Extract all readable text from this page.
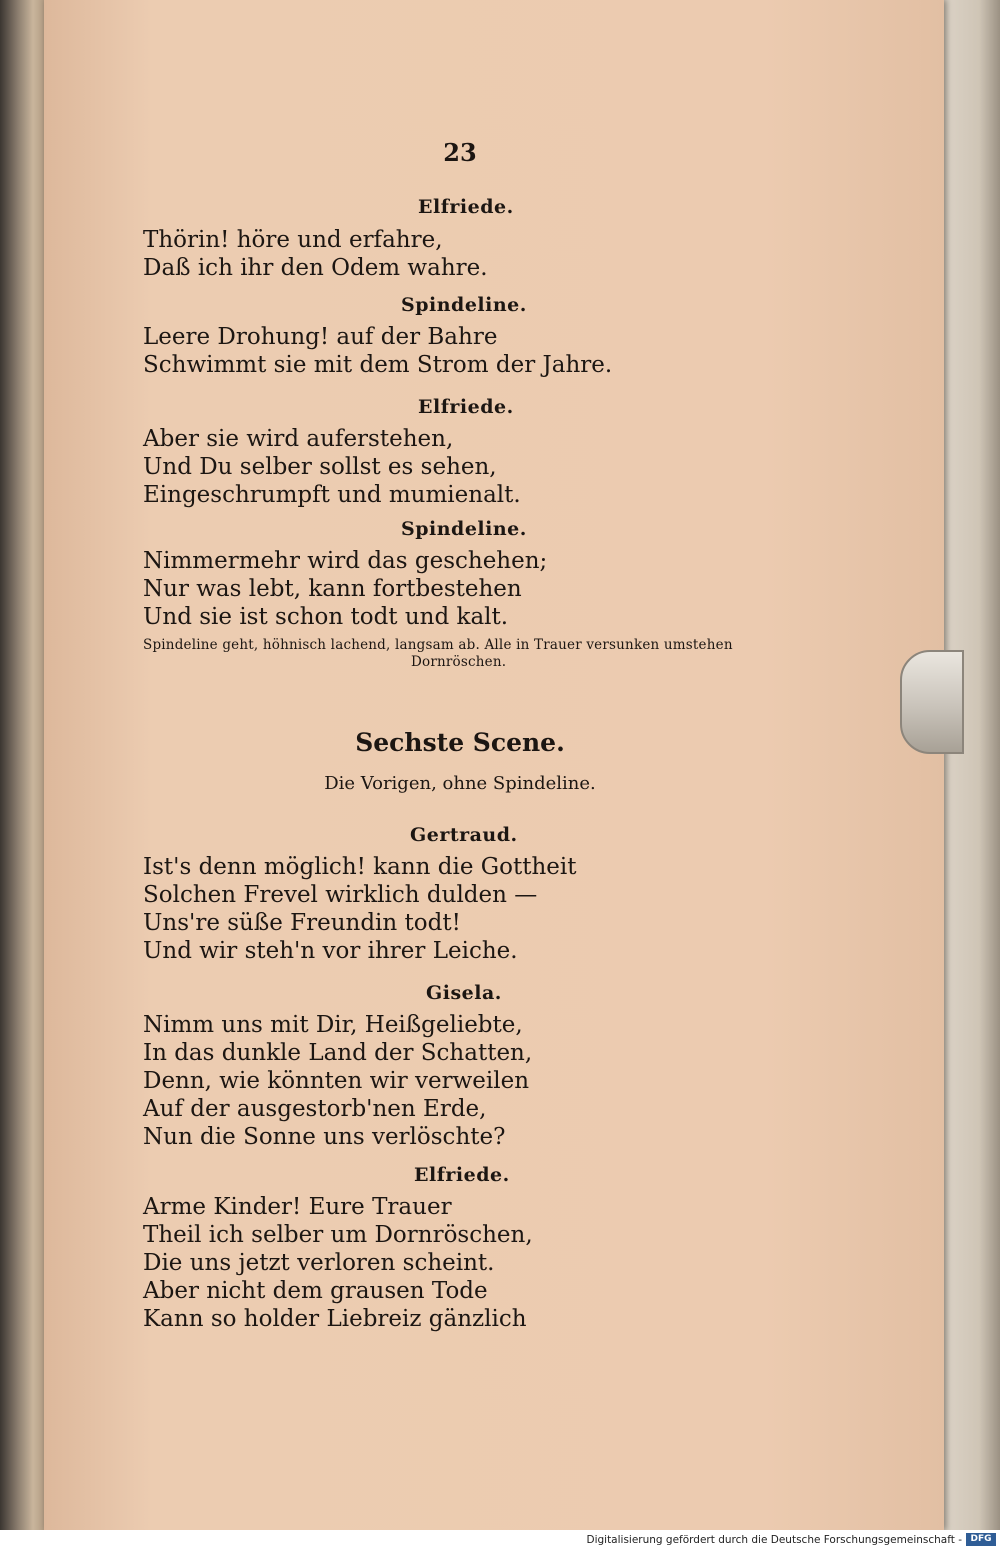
23
Elfriede.
Thörin! höre und erfahre,
Daß ich ihr den Odem wahre.
Spindeline.
Leere Drohung! auf der Bahre
Schwimmt sie mit dem Strom der Jahre.
Elfriede.
Aber sie wird auferstehen,
Und Du selber sollst es sehen,
Eingeschrumpft und mumienalt.
Spindeline.
Nimmermehr wird das geschehen;
Nur was lebt, kann fortbestehen
Und sie ist schon todt und kalt.
Spindeline geht, höhnisch lachend, langsam ab. Alle in Trauer versunken umstehen
Dornröschen.
Sechste Scene.
Die Vorigen, ohne Spindeline.
Gertraud.
Ist's denn möglich! kann die Gottheit
Solchen Frevel wirklich dulden —
Uns're süße Freundin todt!
Und wir steh'n vor ihrer Leiche.
Gisela.
Nimm uns mit Dir, Heißgeliebte,
In das dunkle Land der Schatten,
Denn, wie könnten wir verweilen
Auf der ausgestorb'nen Erde,
Nun die Sonne uns verlöschte?
Elfriede.
Arme Kinder! Eure Trauer
Theil ich selber um Dornröschen,
Die uns jetzt verloren scheint.
Aber nicht dem grausen Tode
Kann so holder Liebreiz gänzlich
Digitalisierung gefördert durch die Deutsche Forschungsgemeinschaft - DFG
